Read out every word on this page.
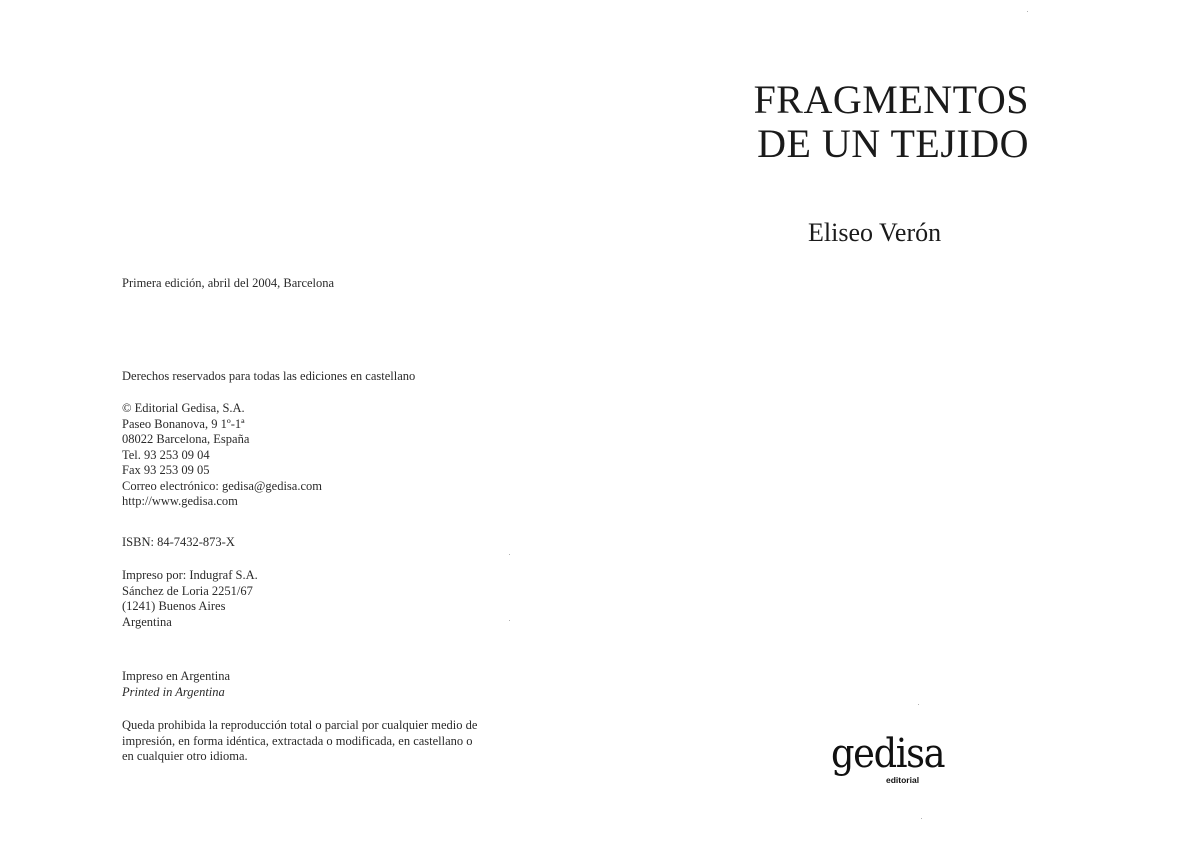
Primera edición, abril del 2004, Barcelona
Derechos reservados para todas las ediciones en castellano
© Editorial Gedisa, S.A.
Paseo Bonanova, 9 1º-1ª
08022 Barcelona, España
Tel. 93 253 09 04
Fax 93 253 09 05
Correo electrónico: gedisa@gedisa.com
http://www.gedisa.com
ISBN: 84-7432-873-X
Impreso por: Indugraf S.A.
Sánchez de Loria 2251/67
(1241) Buenos Aires
Argentina
Impreso en Argentina
Printed in Argentina
Queda prohibida la reproducción total o parcial por cualquier medio de
impresión, en forma idéntica, extractada o modificada, en castellano o
en cualquier otro idioma.
FRAGMENTOS
DE UN TEJIDO
Eliseo Verón
gedisa
editorial
